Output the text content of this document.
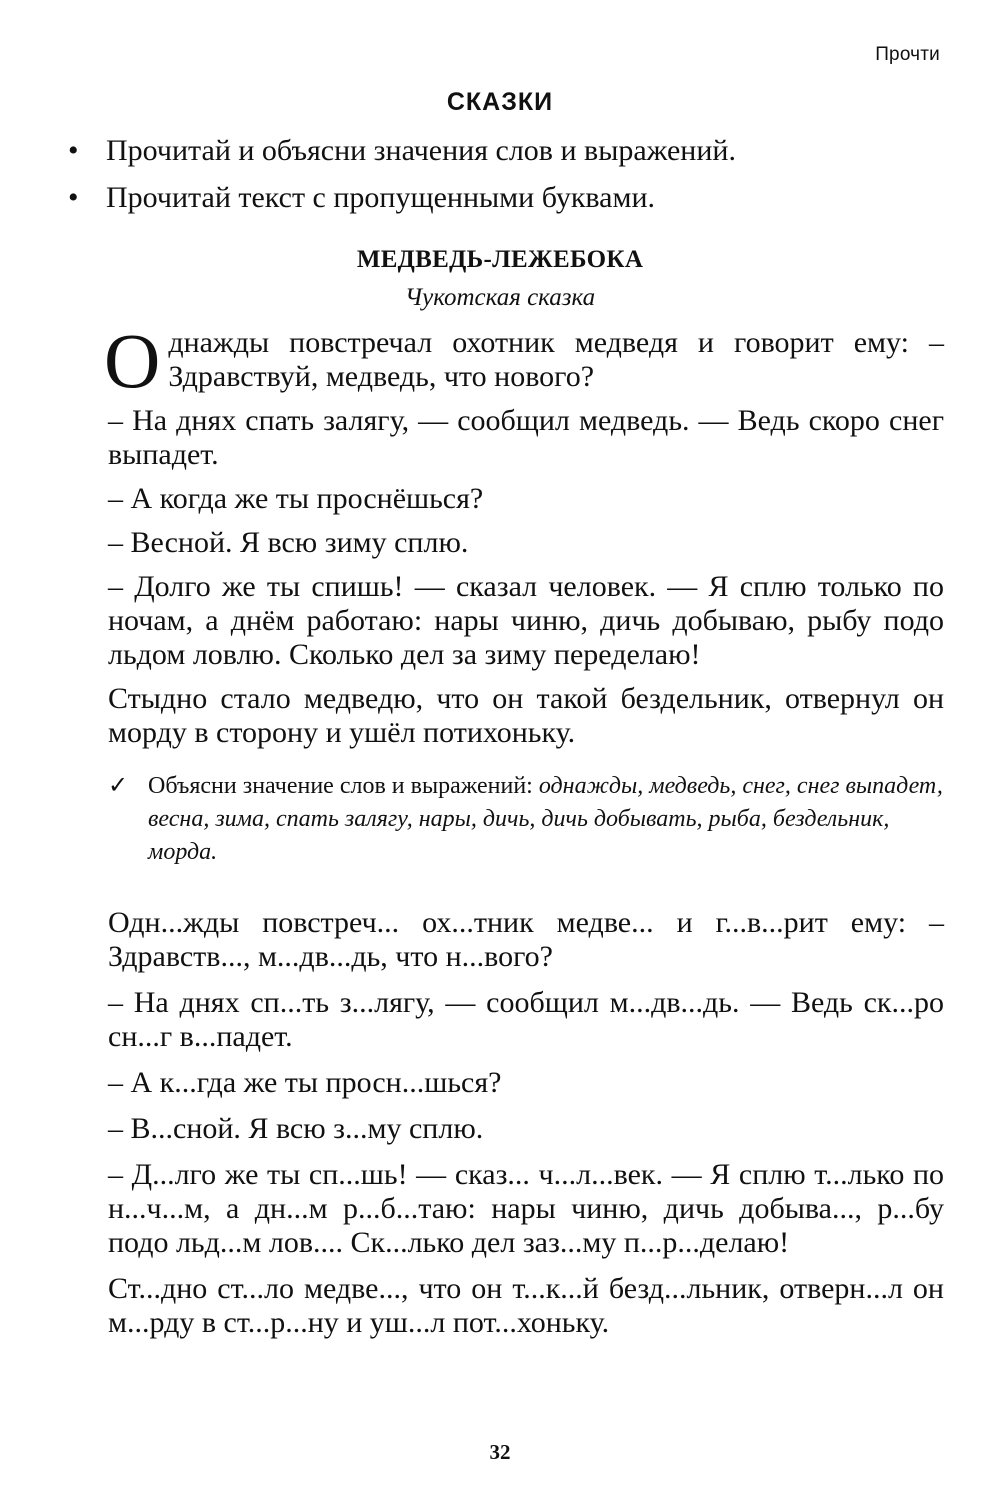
Прочти
СКАЗКИ
• Прочитай и объясни значения слов и выражений.
• Прочитай текст с пропущенными буквами.
МЕДВЕДЬ-ЛЕЖЕБОКА
Чукотская сказка

Однажды повстречал охотник медведя и говорит ему: – Здравствуй, медведь, что нового?

– На днях спать залягу, — сообщил медведь. — Ведь скоро снег выпадет.

– А когда же ты проснёшься?

– Весной. Я всю зиму сплю.

– Долго же ты спишь! — сказал человек. — Я сплю только по ночам, а днём работаю: нары чиню, дичь добываю, рыбу подо льдом ловлю. Сколько дел за зиму переделаю!

Стыдно стало медведю, что он такой бездельник, отвернул он морду в сторону и ушёл потихоньку.

✓ Объясни значение слов и выражений: однажды, медведь, снег, снег выпадет, весна, зима, спать залягу, нары, дичь, дичь добывать, рыба, бездельник, морда.

Одн...жды повстреч... ох...тник медве... и г...в...рит ему: – Здравств..., м...дв...дь, что н...вого?

– На днях сп...ть з...лягу, — сообщил м...дв...дь. — Ведь ск...ро сн...г в...падет.

– А к...гда же ты просн...шься?

– В...сной. Я всю з...му сплю.

– Д...лго же ты сп...шь! — сказ... ч...л...век. — Я сплю т...лько по н...ч...м, а дн...м р...б...таю: нары чиню, дичь добыва..., р...бу подо льд...м лов.... Ск...лько дел заз...му п...р...делаю!

Ст...дно ст...ло медве..., что он т...к...й безд...льник, отверн...л он м...рду в ст...р...ну и уш...л пот...хоньку.

32
